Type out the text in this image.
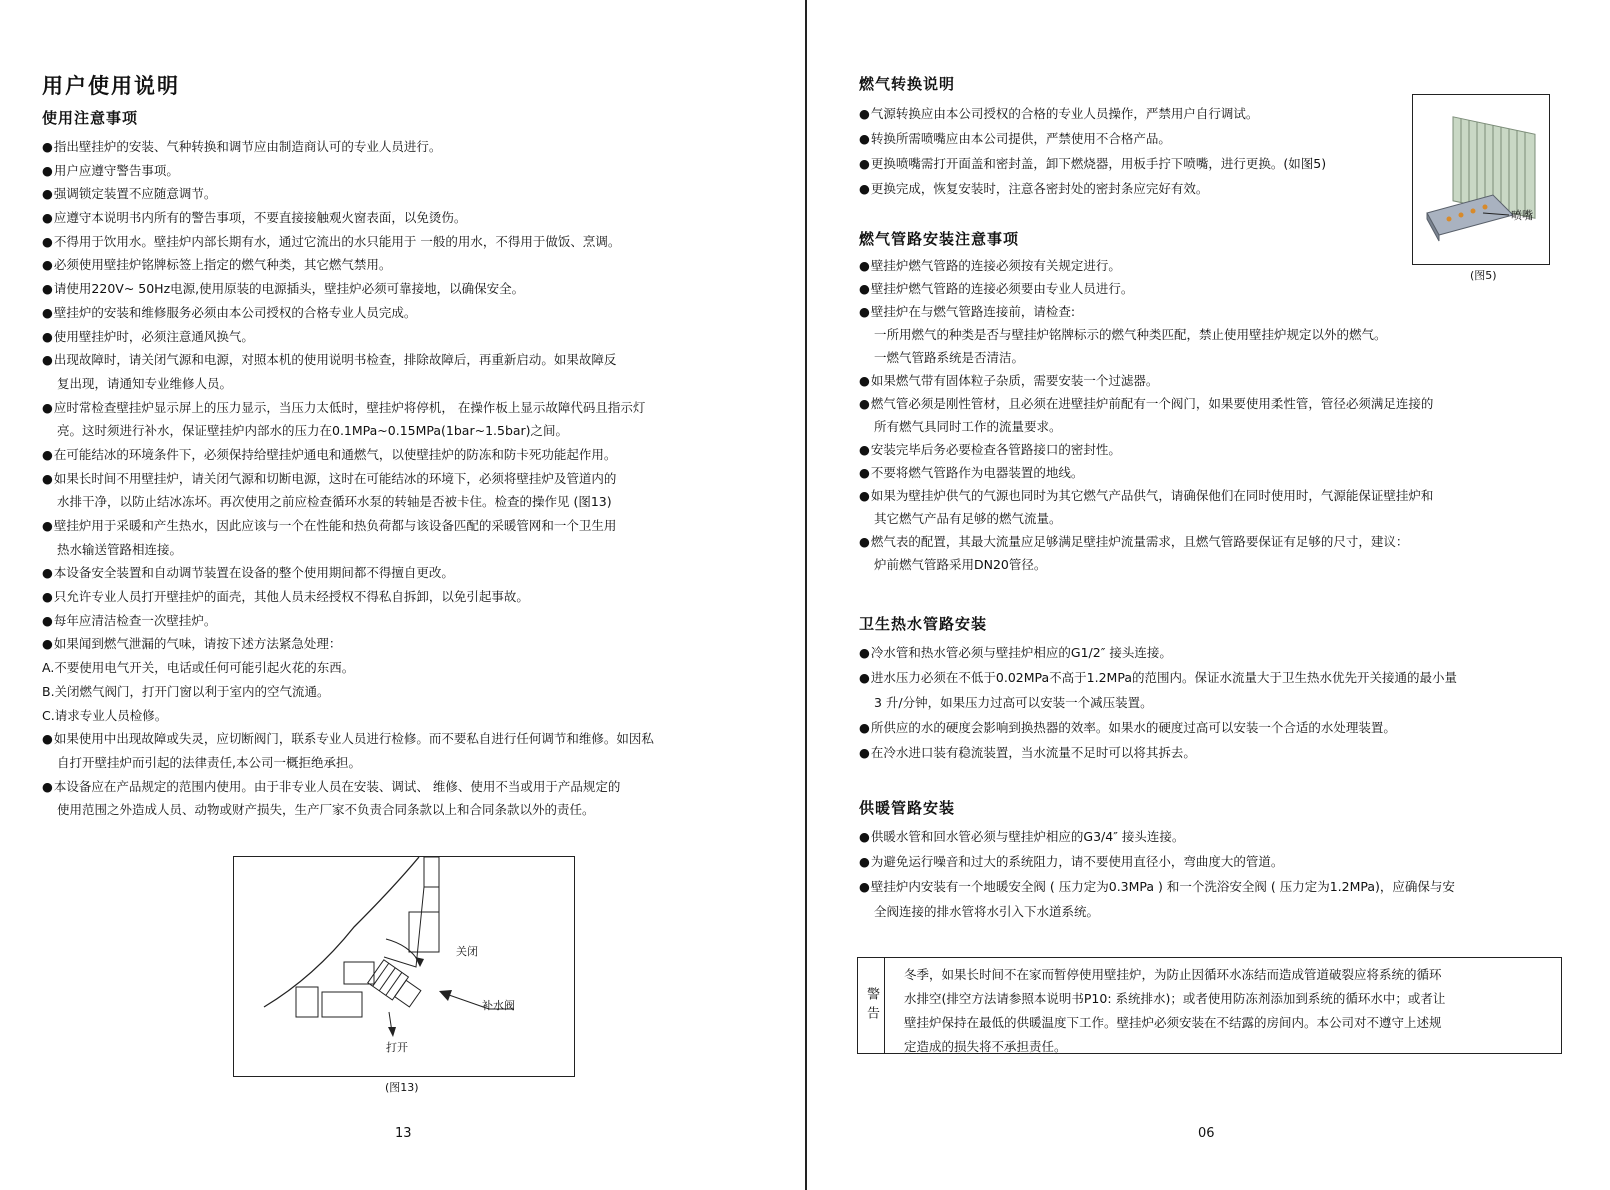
用户使用说明
使用注意事项
● 指出壁挂炉的安装、气种转换和调节应由制造商认可的专业人员进行。
● 用户应遵守警告事项。
● 强调锁定装置不应随意调节。
● 应遵守本说明书内所有的警告事项，不要直接接触观火窗表面，以免烫伤。
● 不得用于饮用水。壁挂炉内部长期有水，通过它流出的水只能用于 一般的用水，不得用于做饭、烹调。
● 必须使用壁挂炉铭牌标签上指定的燃气种类，其它燃气禁用。
● 请使用220V~ 50Hz电源,使用原装的电源插头，壁挂炉必须可靠接地，以确保安全。
● 壁挂炉的安装和维修服务必须由本公司授权的合格专业人员完成。
● 使用壁挂炉时，必须注意通风换气。
● 出现故障时，请关闭气源和电源，对照本机的使用说明书检查，排除故障后，再重新启动。如果故障反
复出现，请通知专业维修人员。
● 应时常检查壁挂炉显示屏上的压力显示，当压力太低时，壁挂炉将停机， 在操作板上显示故障代码且指示灯
亮。这时须进行补水，保证壁挂炉内部水的压力在0.1MPa~0.15MPa(1bar~1.5bar)之间。
● 在可能结冰的环境条件下，必须保持给壁挂炉通电和通燃气，以使壁挂炉的防冻和防卡死功能起作用。
● 如果长时间不用壁挂炉，请关闭气源和切断电源，这时在可能结冰的环境下，必须将壁挂炉及管道内的
水排干净，以防止结冰冻坏。再次使用之前应检查循环水泵的转轴是否被卡住。检查的操作见 (图13)
● 壁挂炉用于采暖和产生热水，因此应该与一个在性能和热负荷都与该设备匹配的采暖管网和一个卫生用
热水输送管路相连接。
● 本设备安全装置和自动调节装置在设备的整个使用期间都不得擅自更改。
● 只允许专业人员打开壁挂炉的面壳，其他人员未经授权不得私自拆卸，以免引起事故。
● 每年应清洁检查一次壁挂炉。
● 如果闻到燃气泄漏的气味，请按下述方法紧急处理：
A.不要使用电气开关，电话或任何可能引起火花的东西。
B.关闭燃气阀门，打开门窗以利于室内的空气流通。
C.请求专业人员检修。
● 如果使用中出现故障或失灵，应切断阀门，联系专业人员进行检修。而不要私自进行任何调节和维修。如因私
自打开壁挂炉而引起的法律责任,本公司一概拒绝承担。
● 本设备应在产品规定的范围内使用。由于非专业人员在安装、调试、 维修、使用不当或用于产品规定的
使用范围之外造成人员、动物或财产损失，生产厂家不负责合同条款以上和合同条款以外的责任。
关闭
补水阀
打开
(图13)
13
燃气转换说明
● 气源转换应由本公司授权的合格的专业人员操作，严禁用户自行调试。
● 转换所需喷嘴应由本公司提供，严禁使用不合格产品。
● 更换喷嘴需打开面盖和密封盖，卸下燃烧器，用板手拧下喷嘴，进行更换。(如图5)
● 更换完成，恢复安装时，注意各密封处的密封条应完好有效。
燃气管路安装注意事项
● 壁挂炉燃气管路的连接必须按有关规定进行。
● 壁挂炉燃气管路的连接必须要由专业人员进行。
● 壁挂炉在与燃气管路连接前，请检查:
一所用燃气的种类是否与壁挂炉铭牌标示的燃气种类匹配，禁止使用壁挂炉规定以外的燃气。
一燃气管路系统是否清洁。
● 如果燃气带有固体粒子杂质，需要安装一个过滤器。
● 燃气管必须是刚性管材，且必须在进壁挂炉前配有一个阀门，如果要使用柔性管，管径必须满足连接的
所有燃气具同时工作的流量要求。
● 安装完毕后务必要检查各管路接口的密封性。
● 不要将燃气管路作为电器装置的地线。
● 如果为壁挂炉供气的气源也同时为其它燃气产品供气，请确保他们在同时使用时，气源能保证壁挂炉和
其它燃气产品有足够的燃气流量。
● 燃气表的配置，其最大流量应足够满足壁挂炉流量需求，且燃气管路要保证有足够的尺寸，建议：
炉前燃气管路采用DN20管径。
卫生热水管路安装
● 冷水管和热水管必须与壁挂炉相应的G1/2″ 接头连接。
● 进水压力必须在不低于0.02MPa不高于1.2MPa的范围内。保证水流量大于卫生热水优先开关接通的最小量
3 升/分钟，如果压力过高可以安装一个减压装置。
● 所供应的水的硬度会影响到换热器的效率。如果水的硬度过高可以安装一个合适的水处理装置。
● 在冷水进口装有稳流装置，当水流量不足时可以将其拆去。
供暖管路安装
● 供暖水管和回水管必须与壁挂炉相应的G3/4″ 接头连接。
● 为避免运行噪音和过大的系统阻力，请不要使用直径小，弯曲度大的管道。
● 壁挂炉内安装有一个地暖安全阀 ( 压力定为0.3MPa ) 和一个洗浴安全阀 ( 压力定为1.2MPa)，应确保与安
全阀连接的排水管将水引入下水道系统。
喷嘴
(图5)
警告
冬季，如果长时间不在家而暂停使用壁挂炉，为防止因循环水冻结而造成管道破裂应将系统的循环
水排空(排空方法请参照本说明书P10: 系统排水)；或者使用防冻剂添加到系统的循环水中；或者让
壁挂炉保持在最低的供暖温度下工作。壁挂炉必须安装在不结露的房间内。本公司对不遵守上述规
定造成的损失将不承担责任。
06
